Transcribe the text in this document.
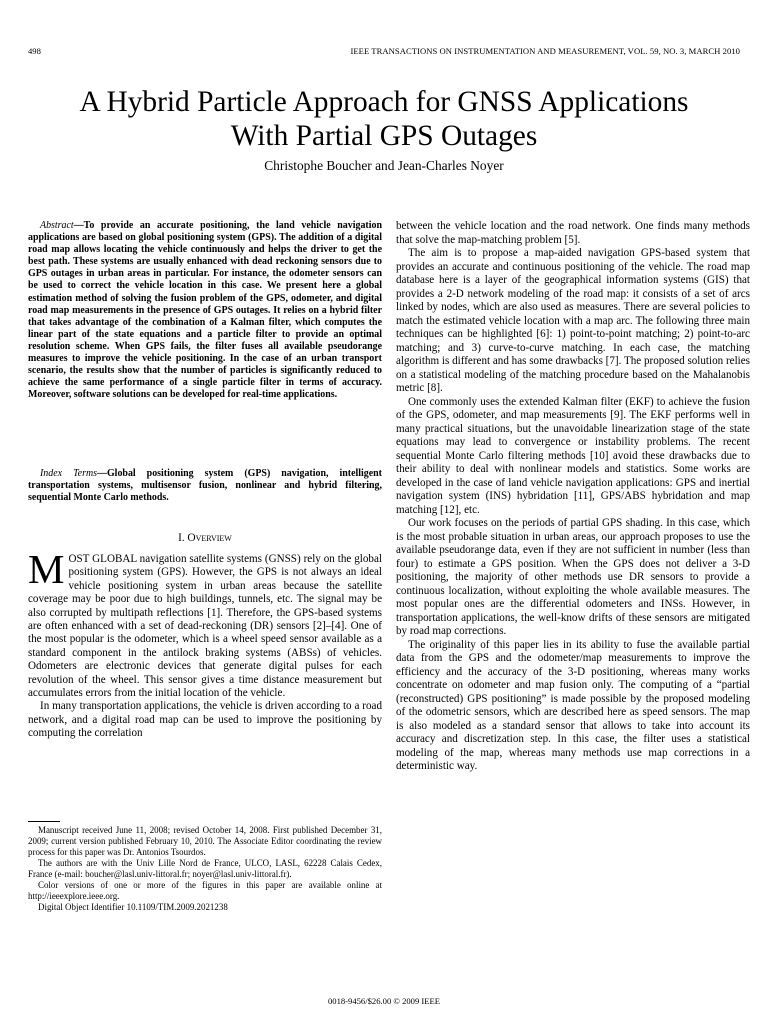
498	IEEE TRANSACTIONS ON INSTRUMENTATION AND MEASUREMENT, VOL. 59, NO. 3, MARCH 2010
A Hybrid Particle Approach for GNSS Applications
With Partial GPS Outages
Christophe Boucher and Jean-Charles Noyer

Abstract—To provide an accurate positioning, the land vehicle navigation applications are based on global positioning system (GPS). The addition of a digital road map allows locating the vehicle continuously and helps the driver to get the best path. These systems are usually enhanced with dead reckoning sensors due to GPS outages in urban areas in particular. For instance, the odometer sensors can be used to correct the vehicle location in this case. We present here a global estimation method of solving the fusion problem of the GPS, odometer, and digital road map measurements in the presence of GPS outages. It relies on a hybrid filter that takes advantage of the combination of a Kalman filter, which computes the linear part of the state equations and a particle filter to provide an optimal resolution scheme. When GPS fails, the filter fuses all available pseudorange measures to improve the vehicle positioning. In the case of an urban transport scenario, the results show that the number of particles is significantly reduced to achieve the same performance of a single particle filter in terms of accuracy. Moreover, software solutions can be developed for real-time applications.

Index Terms—Global positioning system (GPS) navigation, intelligent transportation systems, multisensor fusion, nonlinear and hybrid filtering, sequential Monte Carlo methods.

I. Overview

MOST GLOBAL navigation satellite systems (GNSS) rely on the global positioning system (GPS). However, the GPS is not always an ideal vehicle positioning system in urban areas because the satellite coverage may be poor due to high buildings, tunnels, etc. The signal may be also corrupted by multipath reflections [1]. Therefore, the GPS-based systems are often enhanced with a set of dead-reckoning (DR) sensors [2]–[4]. One of the most popular is the odometer, which is a wheel speed sensor available as a standard component in the antilock braking systems (ABSs) of vehicles. Odometers are electronic devices that generate digital pulses for each revolution of the wheel. This sensor gives a time distance measurement but accumulates errors from the initial location of the vehicle.

In many transportation applications, the vehicle is driven according to a road network, and a digital road map can be used to improve the positioning by computing the correlation

Manuscript received June 11, 2008; revised October 14, 2008. First published December 31, 2009; current version published February 10, 2010. The Associate Editor coordinating the review process for this paper was Dr. Antonios Tsourdos.

The authors are with the Univ Lille Nord de France, ULCO, LASL, 62228 Calais Cedex, France (e-mail: boucher@lasl.univ-littoral.fr; noyer@lasl.univ-littoral.fr).

Color versions of one or more of the figures in this paper are available online at http://ieeexplore.ieee.org.

Digital Object Identifier 10.1109/TIM.2009.2021238

between the vehicle location and the road network. One finds many methods that solve the map-matching problem [5].

The aim is to propose a map-aided navigation GPS-based system that provides an accurate and continuous positioning of the vehicle. The road map database here is a layer of the geographical information systems (GIS) that provides a 2-D network modeling of the road map: it consists of a set of arcs linked by nodes, which are also used as measures. There are several policies to match the estimated vehicle location with a map arc. The following three main techniques can be highlighted [6]: 1) point-to-point matching; 2) point-to-arc matching; and 3) curve-to-curve matching. In each case, the matching algorithm is different and has some drawbacks [7]. The proposed solution relies on a statistical modeling of the matching procedure based on the Mahalanobis metric [8].

One commonly uses the extended Kalman filter (EKF) to achieve the fusion of the GPS, odometer, and map measurements [9]. The EKF performs well in many practical situations, but the unavoidable linearization stage of the state equations may lead to convergence or instability problems. The recent sequential Monte Carlo filtering methods [10] avoid these drawbacks due to their ability to deal with nonlinear models and statistics. Some works are developed in the case of land vehicle navigation applications: GPS and inertial navigation system (INS) hybridation [11], GPS/ABS hybridation and map matching [12], etc.

Our work focuses on the periods of partial GPS shading. In this case, which is the most probable situation in urban areas, our approach proposes to use the available pseudorange data, even if they are not sufficient in number (less than four) to estimate a GPS position. When the GPS does not deliver a 3-D positioning, the majority of other methods use DR sensors to provide a continuous localization, without exploiting the whole available measures. The most popular ones are the differential odometers and INSs. However, in transportation applications, the well-know drifts of these sensors are mitigated by road map corrections.

The originality of this paper lies in its ability to fuse the available partial data from the GPS and the odometer/map measurements to improve the efficiency and the accuracy of the 3-D positioning, whereas many works concentrate on odometer and map fusion only. The computing of a “partial (reconstructed) GPS positioning” is made possible by the proposed modeling of the odometric sensors, which are described here as speed sensors. The map is also modeled as a standard sensor that allows to take into account its accuracy and discretization step. In this case, the filter uses a statistical modeling of the map, whereas many methods use map corrections in a deterministic way.

0018-9456/$26.00 © 2009 IEEE
